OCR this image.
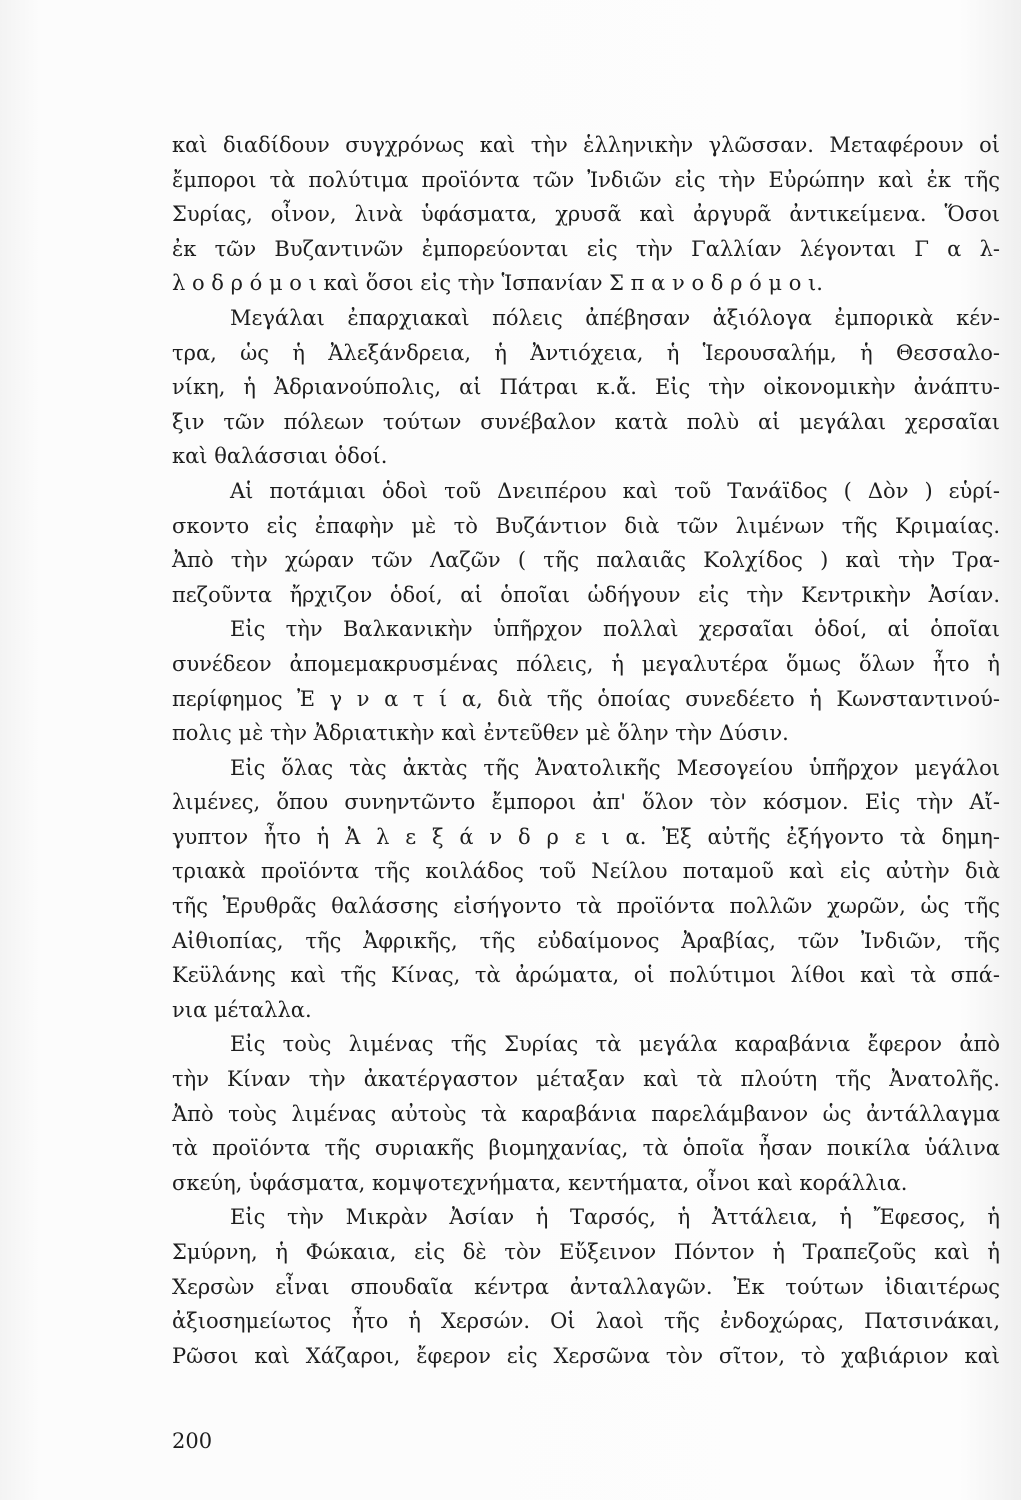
καὶ διαδίδουν συγχρόνως καὶ τὴν ἑλληνικὴν γλῶσσαν. Μεταφέρουν οἱ
ἔμποροι τὰ πολύτιμα προϊόντα τῶν Ἰνδιῶν εἰς τὴν Εὐρώπην καὶ ἐκ τῆς
Συρίας, οἶνον, λινὰ ὑφάσματα, χρυσᾶ καὶ ἀργυρᾶ ἀντικείμενα. Ὅσοι
ἐκ τῶν Βυζαντινῶν ἐμπορεύονται εἰς τὴν Γαλλίαν λέγονται Γ α λ-
λ ο δ ρ ό μ ο ι καὶ ὅσοι εἰς τὴν Ἱσπανίαν Σ π α ν ο δ ρ ό μ ο ι.
Μεγάλαι ἐπαρχιακαὶ πόλεις ἀπέβησαν ἀξιόλογα ἐμπορικὰ κέν-
τρα, ὡς ἡ Ἀλεξάνδρεια, ἡ Ἀντιόχεια, ἡ Ἱερουσαλήμ, ἡ Θεσσαλο-
νίκη, ἡ Ἀδριανούπολις, αἱ Πάτραι κ.ἄ. Εἰς τὴν οἰκονομικὴν ἀνάπτυ-
ξιν τῶν πόλεων τούτων συνέβαλον κατὰ πολὺ αἱ μεγάλαι χερσαῖαι
καὶ θαλάσσιαι ὁδοί.
Αἱ ποτάμιαι ὁδοὶ τοῦ Δνειπέρου καὶ τοῦ Τανάϊδος ( Δὸν ) εὑρί-
σκοντο εἰς ἐπαφὴν μὲ τὸ Βυζάντιον διὰ τῶν λιμένων τῆς Κριμαίας.
Ἀπὸ τὴν χώραν τῶν Λαζῶν ( τῆς παλαιᾶς Κολχίδος ) καὶ τὴν Τρα-
πεζοῦντα ἤρχιζον ὁδοί, αἱ ὁποῖαι ὡδήγουν εἰς τὴν Κεντρικὴν Ἀσίαν.
Εἰς τὴν Βαλκανικὴν ὑπῆρχον πολλαὶ χερσαῖαι ὁδοί, αἱ ὁποῖαι
συνέδεον ἀπομεμακρυσμένας πόλεις, ἡ μεγαλυτέρα ὅμως ὅλων ἦτο ἡ
περίφημος Ἐ γ ν α τ ί α, διὰ τῆς ὁποίας συνεδέετο ἡ Κωνσταντινού-
πολις μὲ τὴν Ἀδριατικὴν καὶ ἐντεῦθεν μὲ ὅλην τὴν Δύσιν.
Εἰς ὅλας τὰς ἀκτὰς τῆς Ἀνατολικῆς Μεσογείου ὑπῆρχον μεγάλοι
λιμένες, ὅπου συνηντῶντο ἔμποροι ἀπ' ὅλον τὸν κόσμον. Εἰς τὴν Αἴ-
γυπτον ἦτο ἡ Ἀ λ ε ξ ά ν δ ρ ε ι α. Ἐξ αὐτῆς ἐξήγοντο τὰ δημη-
τριακὰ προϊόντα τῆς κοιλάδος τοῦ Νείλου ποταμοῦ καὶ εἰς αὐτὴν διὰ
τῆς Ἐρυθρᾶς θαλάσσης εἰσήγοντο τὰ προϊόντα πολλῶν χωρῶν, ὡς τῆς
Αἰθιοπίας, τῆς Ἀφρικῆς, τῆς εὐδαίμονος Ἀραβίας, τῶν Ἰνδιῶν, τῆς
Κεϋλάνης καὶ τῆς Κίνας, τὰ ἀρώματα, οἱ πολύτιμοι λίθοι καὶ τὰ σπά-
νια μέταλλα.
Εἰς τοὺς λιμένας τῆς Συρίας τὰ μεγάλα καραβάνια ἔφερον ἀπὸ
τὴν Κίναν τὴν ἀκατέργαστον μέταξαν καὶ τὰ πλούτη τῆς Ἀνατολῆς.
Ἀπὸ τοὺς λιμένας αὐτοὺς τὰ καραβάνια παρελάμβανον ὡς ἀντάλλαγμα
τὰ προϊόντα τῆς συριακῆς βιομηχανίας, τὰ ὁποῖα ἦσαν ποικίλα ὑάλινα
σκεύη, ὑφάσματα, κομψοτεχνήματα, κεντήματα, οἶνοι καὶ κοράλλια.
Εἰς τὴν Μικρὰν Ἀσίαν ἡ Ταρσός, ἡ Ἀττάλεια, ἡ Ἔφεσος, ἡ
Σμύρνη, ἡ Φώκαια, εἰς δὲ τὸν Εὔξεινον Πόντον ἡ Τραπεζοῦς καὶ ἡ
Χερσὼν εἶναι σπουδαῖα κέντρα ἀνταλλαγῶν. Ἐκ τούτων ἰδιαιτέρως
ἀξιοσημείωτος ἦτο ἡ Χερσών. Οἱ λαοὶ τῆς ἐνδοχώρας, Πατσινάκαι,
Ρῶσοι καὶ Χάζαροι, ἔφερον εἰς Χερσῶνα τὸν σῖτον, τὸ χαβιάριον καὶ
200
